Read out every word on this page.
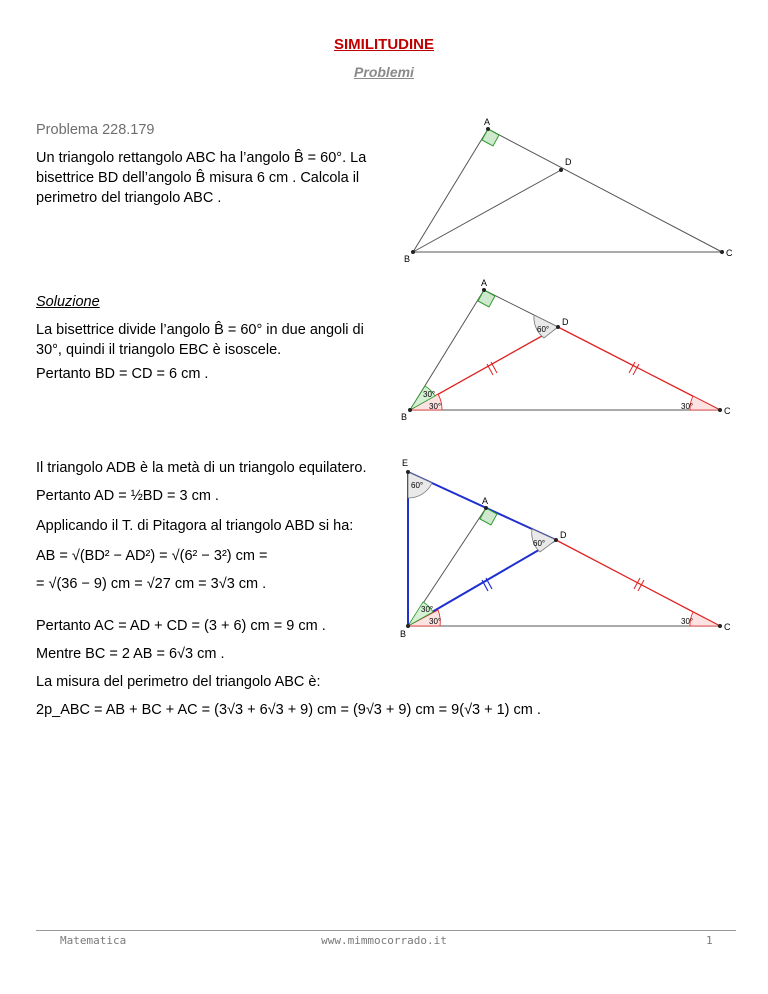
SIMILITUDINE
Problemi
Problema 228.179
Un triangolo rettangolo ABC ha l’angolo B̂ = 60°. La
bisettrice BD dell’angolo B̂ misura 6 cm . Calcola il
perimetro del triangolo ABC .
Soluzione
La bisettrice divide l’angolo B̂ = 60° in due angoli di
30°, quindi il triangolo EBC è isoscele.
Pertanto BD = CD = 6 cm .
Il triangolo ADB è la metà di un triangolo equilatero.
Pertanto AD = ½BD = 3 cm .
Applicando il T. di Pitagora al triangolo ABD si ha:
AB = √(BD² − AD²) = √(6² − 3²) cm =
= √(36 − 9) cm = √27 cm = 3√3 cm .
Pertanto AC = AD + CD = (3 + 6) cm = 9 cm .
Mentre BC = 2 AB = 6√3 cm .
La misura del perimetro del triangolo ABC è:
2p_ABC = AB + BC + AC = (3√3 + 6√3 + 9) cm = (9√3 + 9) cm = 9(√3 + 1) cm .
A
D
B
C
A
D
B
C
30°
30°	30°
60°
E
A
D
B
C
60°
60°
30°
30°	30°
Matematica	www.mimmocorrado.it	1
